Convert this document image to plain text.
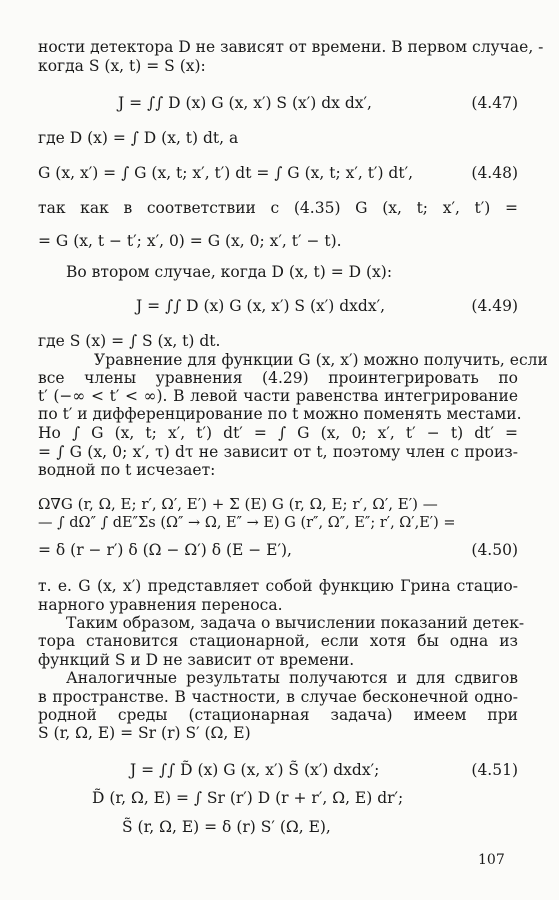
ности детектора D не зависят от времени. В первом случае, -
когда S (x, t) = S (x):
J = ∫∫ D (x) G (x, x′) S (x′) dx dx′,	(4.47)
где D (x) = ∫ D (x, t) dt, а
G (x, x′) = ∫ G (x, t; x′, t′) dt = ∫ G (x, t; x′, t′) dt′,	(4.48)
так как в соответствии с (4.35) G (x, t; x′, t′) =
= G (x, t − t′; x′, 0) = G (x, 0; x′, t′ − t).
Во втором случае, когда D (x, t) = D (x):
J = ∫∫ D (x) G (x, x′) S (x′) dxdx′,	(4.49)
где S (x) = ∫ S (x, t) dt.
Уравнение для функции G (x, x′) можно получить, если
все члены уравнения (4.29) проинтегрировать по
t′ (−∞ < t′ < ∞). В левой части равенства интегрирование
по t′ и дифференцирование по t можно поменять местами.
Но ∫ G (x, t; x′, t′) dt′ = ∫ G (x, 0; x′, t′ − t) dt′ =
= ∫ G (x, 0; x′, τ) dτ не зависит от t, поэтому член с произ-
водной по t исчезает:
Ω∇G (r, Ω, E; r′, Ω′, E′) + Σ (E) G (r, Ω, E; r′, Ω′, E′) —
— ∫ dΩ″ ∫ dE″Σs (Ω″ → Ω, E″ → E) G (r″, Ω″, E″; r′, Ω′,E′) =
= δ (r − r′) δ (Ω − Ω′) δ (E − E′),	(4.50)
т. е. G (x, x′) представляет собой функцию Грина стацио-
нарного уравнения переноса.
Таким образом, задача о вычислении показаний детек-
тора становится стационарной, если хотя бы одна из
функций S и D не зависит от времени.
Аналогичные результаты получаются и для сдвигов
в пространстве. В частности, в случае бесконечной одно-
родной среды (стационарная задача) имеем при
S (r, Ω, E) = Sr (r) S′ (Ω, E)
J = ∫∫ D̃ (x) G (x, x′) S̃ (x′) dxdx′;	(4.51)
D̃ (r, Ω, E) = ∫ Sr (r′) D (r + r′, Ω, E) dr′;
S̃ (r, Ω, E) = δ (r) S′ (Ω, E),
107
